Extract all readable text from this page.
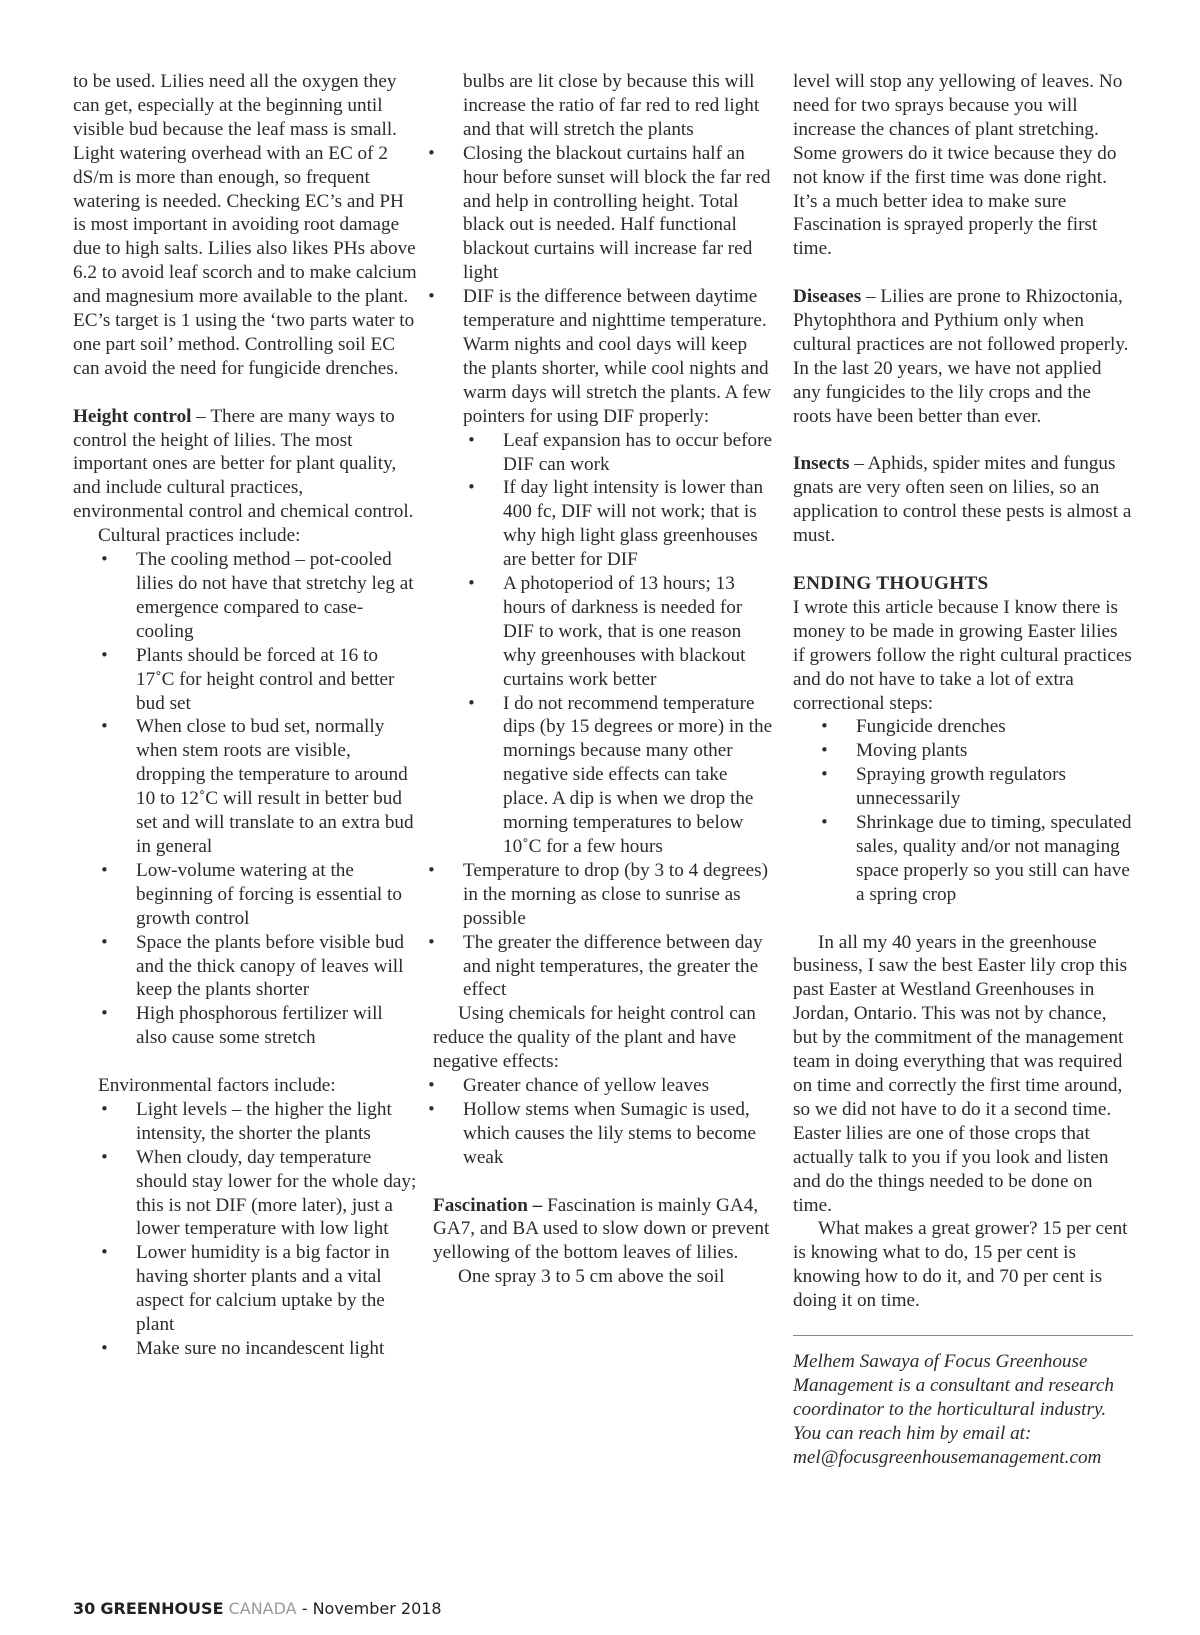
to be used. Lilies need all the oxygen they can get, especially at the beginning until visible bud because the leaf mass is small. Light watering overhead with an EC of 2 dS/m is more than enough, so frequent watering is needed. Checking EC’s and PH is most important in avoiding root damage due to high salts. Lilies also likes PHs above 6.2 to avoid leaf scorch and to make calcium and magnesium more available to the plant. EC’s target is 1 using the ‘two parts water to one part soil’ method. Controlling soil EC can avoid the need for fungicide drenches.

Height control – There are many ways to control the height of lilies. The most important ones are better for plant quality, and include cultural practices, environmental control and chemical control.

Cultural practices include:

• The cooling method – pot-cooled lilies do not have that stretchy leg at emergence compared to case-cooling
• Plants should be forced at 16 to 17˚C for height control and better bud set
• When close to bud set, normally when stem roots are visible, dropping the temperature to around 10 to 12˚C will result in better bud set and will translate to an extra bud in general
• Low-volume watering at the beginning of forcing is essential to growth control
• Space the plants before visible bud and the thick canopy of leaves will keep the plants shorter
• High phosphorous fertilizer will also cause some stretch

Environmental factors include:

• Light levels – the higher the light intensity, the shorter the plants
• When cloudy, day temperature should stay lower for the whole day; this is not DIF (more later), just a lower temperature with low light
• Lower humidity is a big factor in having shorter plants and a vital aspect for calcium uptake by the plant
• Make sure no incandescent light

bulbs are lit close by because this will increase the ratio of far red to red light and that will stretch the plants

• Closing the blackout curtains half an hour before sunset will block the far red and help in controlling height. Total black out is needed. Half functional blackout curtains will increase far red light
• DIF is the difference between daytime temperature and nighttime temperature. Warm nights and cool days will keep the plants shorter, while cool nights and warm days will stretch the plants. A few pointers for using DIF properly:
• Leaf expansion has to occur before DIF can work
• If day light intensity is lower than 400 fc, DIF will not work; that is why high light glass greenhouses are better for DIF
• A photoperiod of 13 hours; 13 hours of darkness is needed for DIF to work, that is one reason why greenhouses with blackout curtains work better
• I do not recommend temperature dips (by 15 degrees or more) in the mornings because many other negative side effects can take place. A dip is when we drop the morning temperatures to below 10˚C for a few hours
• Temperature to drop (by 3 to 4 degrees) in the morning as close to sunrise as possible
• The greater the difference between day and night temperatures, the greater the effect

Using chemicals for height control can reduce the quality of the plant and have negative effects:

• Greater chance of yellow leaves
• Hollow stems when Sumagic is used, which causes the lily stems to become weak

Fascination – Fascination is mainly GA4, GA7, and BA used to slow down or prevent yellowing of the bottom leaves of lilies.

One spray 3 to 5 cm above the soil

level will stop any yellowing of leaves. No need for two sprays because you will increase the chances of plant stretching. Some growers do it twice because they do not know if the first time was done right. It’s a much better idea to make sure Fascination is sprayed properly the first time.

Diseases – Lilies are prone to Rhizoctonia, Phytophthora and Pythium only when cultural practices are not followed properly. In the last 20 years, we have not applied any fungicides to the lily crops and the roots have been better than ever.

Insects – Aphids, spider mites and fungus gnats are very often seen on lilies, so an application to control these pests is almost a must.

ENDING THOUGHTS

I wrote this article because I know there is money to be made in growing Easter lilies if growers follow the right cultural practices and do not have to take a lot of extra correctional steps:

• Fungicide drenches
• Moving plants
• Spraying growth regulators unnecessarily
• Shrinkage due to timing, speculated sales, quality and/or not managing space properly so you still can have a spring crop

In all my 40 years in the greenhouse business, I saw the best Easter lily crop this past Easter at Westland Greenhouses in Jordan, Ontario. This was not by chance, but by the commitment of the management team in doing everything that was required on time and correctly the first time around, so we did not have to do it a second time. Easter lilies are one of those crops that actually talk to you if you look and listen and do the things needed to be done on time.

What makes a great grower? 15 per cent is knowing what to do, 15 per cent is knowing how to do it, and 70 per cent is doing it on time.

Melhem Sawaya of Focus Greenhouse Management is a consultant and research coordinator to the horticultural industry. You can reach him by email at: mel@focusgreenhousemanagement.com

30 GREENHOUSE CANADA - November 2018
